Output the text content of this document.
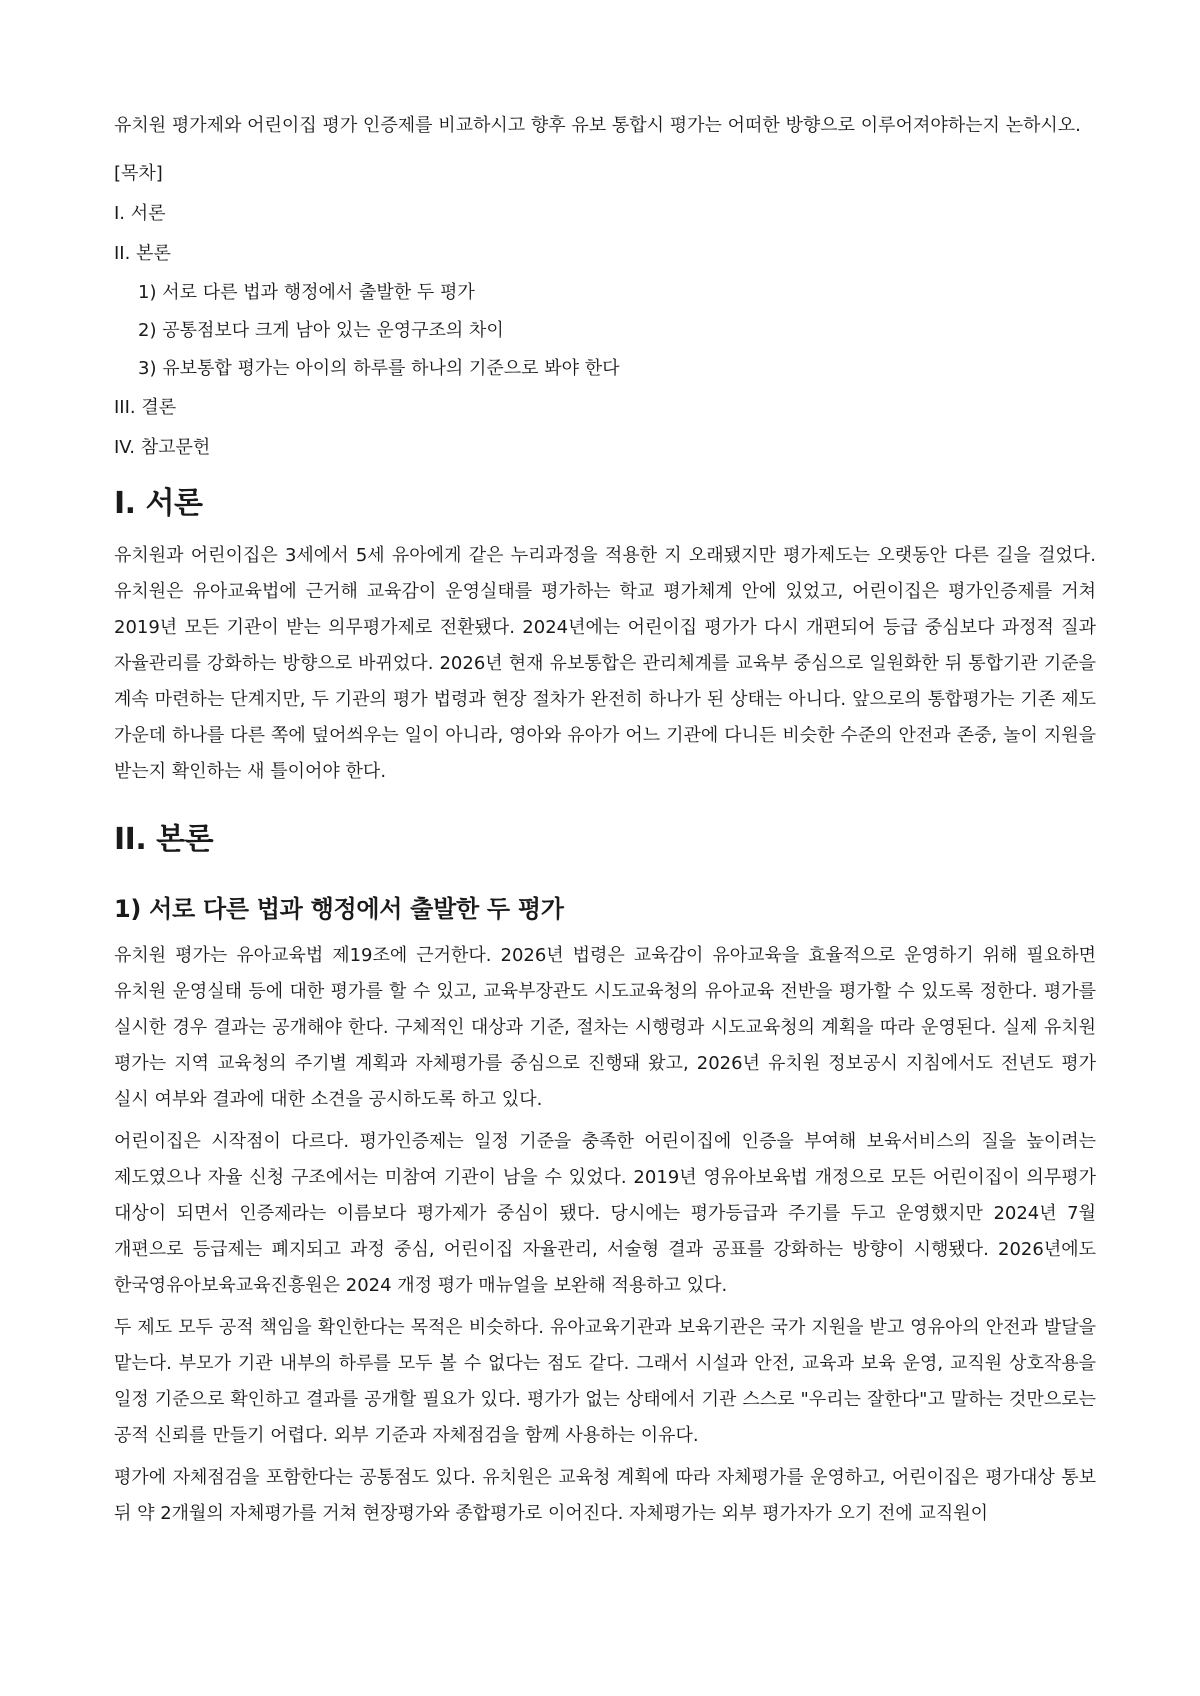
유치원 평가제와 어린이집 평가 인증제를 비교하시고 향후 유보 통합시 평가는 어떠한 방향으로 이루어져야하는지 논하시오.

[목차]
I. 서론
II. 본론
1) 서로 다른 법과 행정에서 출발한 두 평가
2) 공통점보다 크게 남아 있는 운영구조의 차이
3) 유보통합 평가는 아이의 하루를 하나의 기준으로 봐야 한다
III. 결론
IV. 참고문헌
I. 서론

유치원과 어린이집은 3세에서 5세 유아에게 같은 누리과정을 적용한 지 오래됐지만 평가제도는 오랫동안 다른 길을 걸었다. 유치원은 유아교육법에 근거해 교육감이 운영실태를 평가하는 학교 평가체계 안에 있었고, 어린이집은 평가인증제를 거쳐 2019년 모든 기관이 받는 의무평가제로 전환됐다. 2024년에는 어린이집 평가가 다시 개편되어 등급 중심보다 과정적 질과 자율관리를 강화하는 방향으로 바뀌었다. 2026년 현재 유보통합은 관리체계를 교육부 중심으로 일원화한 뒤 통합기관 기준을 계속 마련하는 단계지만, 두 기관의 평가 법령과 현장 절차가 완전히 하나가 된 상태는 아니다. 앞으로의 통합평가는 기존 제도 가운데 하나를 다른 쪽에 덮어씌우는 일이 아니라, 영아와 유아가 어느 기관에 다니든 비슷한 수준의 안전과 존중, 놀이 지원을 받는지 확인하는 새 틀이어야 한다.

II. 본론
1) 서로 다른 법과 행정에서 출발한 두 평가

유치원 평가는 유아교육법 제19조에 근거한다. 2026년 법령은 교육감이 유아교육을 효율적으로 운영하기 위해 필요하면 유치원 운영실태 등에 대한 평가를 할 수 있고, 교육부장관도 시도교육청의 유아교육 전반을 평가할 수 있도록 정한다. 평가를 실시한 경우 결과는 공개해야 한다. 구체적인 대상과 기준, 절차는 시행령과 시도교육청의 계획을 따라 운영된다. 실제 유치원 평가는 지역 교육청의 주기별 계획과 자체평가를 중심으로 진행돼 왔고, 2026년 유치원 정보공시 지침에서도 전년도 평가 실시 여부와 결과에 대한 소견을 공시하도록 하고 있다.

어린이집은 시작점이 다르다. 평가인증제는 일정 기준을 충족한 어린이집에 인증을 부여해 보육서비스의 질을 높이려는 제도였으나 자율 신청 구조에서는 미참여 기관이 남을 수 있었다. 2019년 영유아보육법 개정으로 모든 어린이집이 의무평가 대상이 되면서 인증제라는 이름보다 평가제가 중심이 됐다. 당시에는 평가등급과 주기를 두고 운영했지만 2024년 7월 개편으로 등급제는 폐지되고 과정 중심, 어린이집 자율관리, 서술형 결과 공표를 강화하는 방향이 시행됐다. 2026년에도 한국영유아보육교육진흥원은 2024 개정 평가 매뉴얼을 보완해 적용하고 있다.

두 제도 모두 공적 책임을 확인한다는 목적은 비슷하다. 유아교육기관과 보육기관은 국가 지원을 받고 영유아의 안전과 발달을 맡는다. 부모가 기관 내부의 하루를 모두 볼 수 없다는 점도 같다. 그래서 시설과 안전, 교육과 보육 운영, 교직원 상호작용을 일정 기준으로 확인하고 결과를 공개할 필요가 있다. 평가가 없는 상태에서 기관 스스로 "우리는 잘한다"고 말하는 것만으로는 공적 신뢰를 만들기 어렵다. 외부 기준과 자체점검을 함께 사용하는 이유다.

평가에 자체점검을 포함한다는 공통점도 있다. 유치원은 교육청 계획에 따라 자체평가를 운영하고, 어린이집은 평가대상 통보 뒤 약 2개월의 자체평가를 거쳐 현장평가와 종합평가로 이어진다. 자체평가는 외부 평가자가 오기 전에 교직원이
